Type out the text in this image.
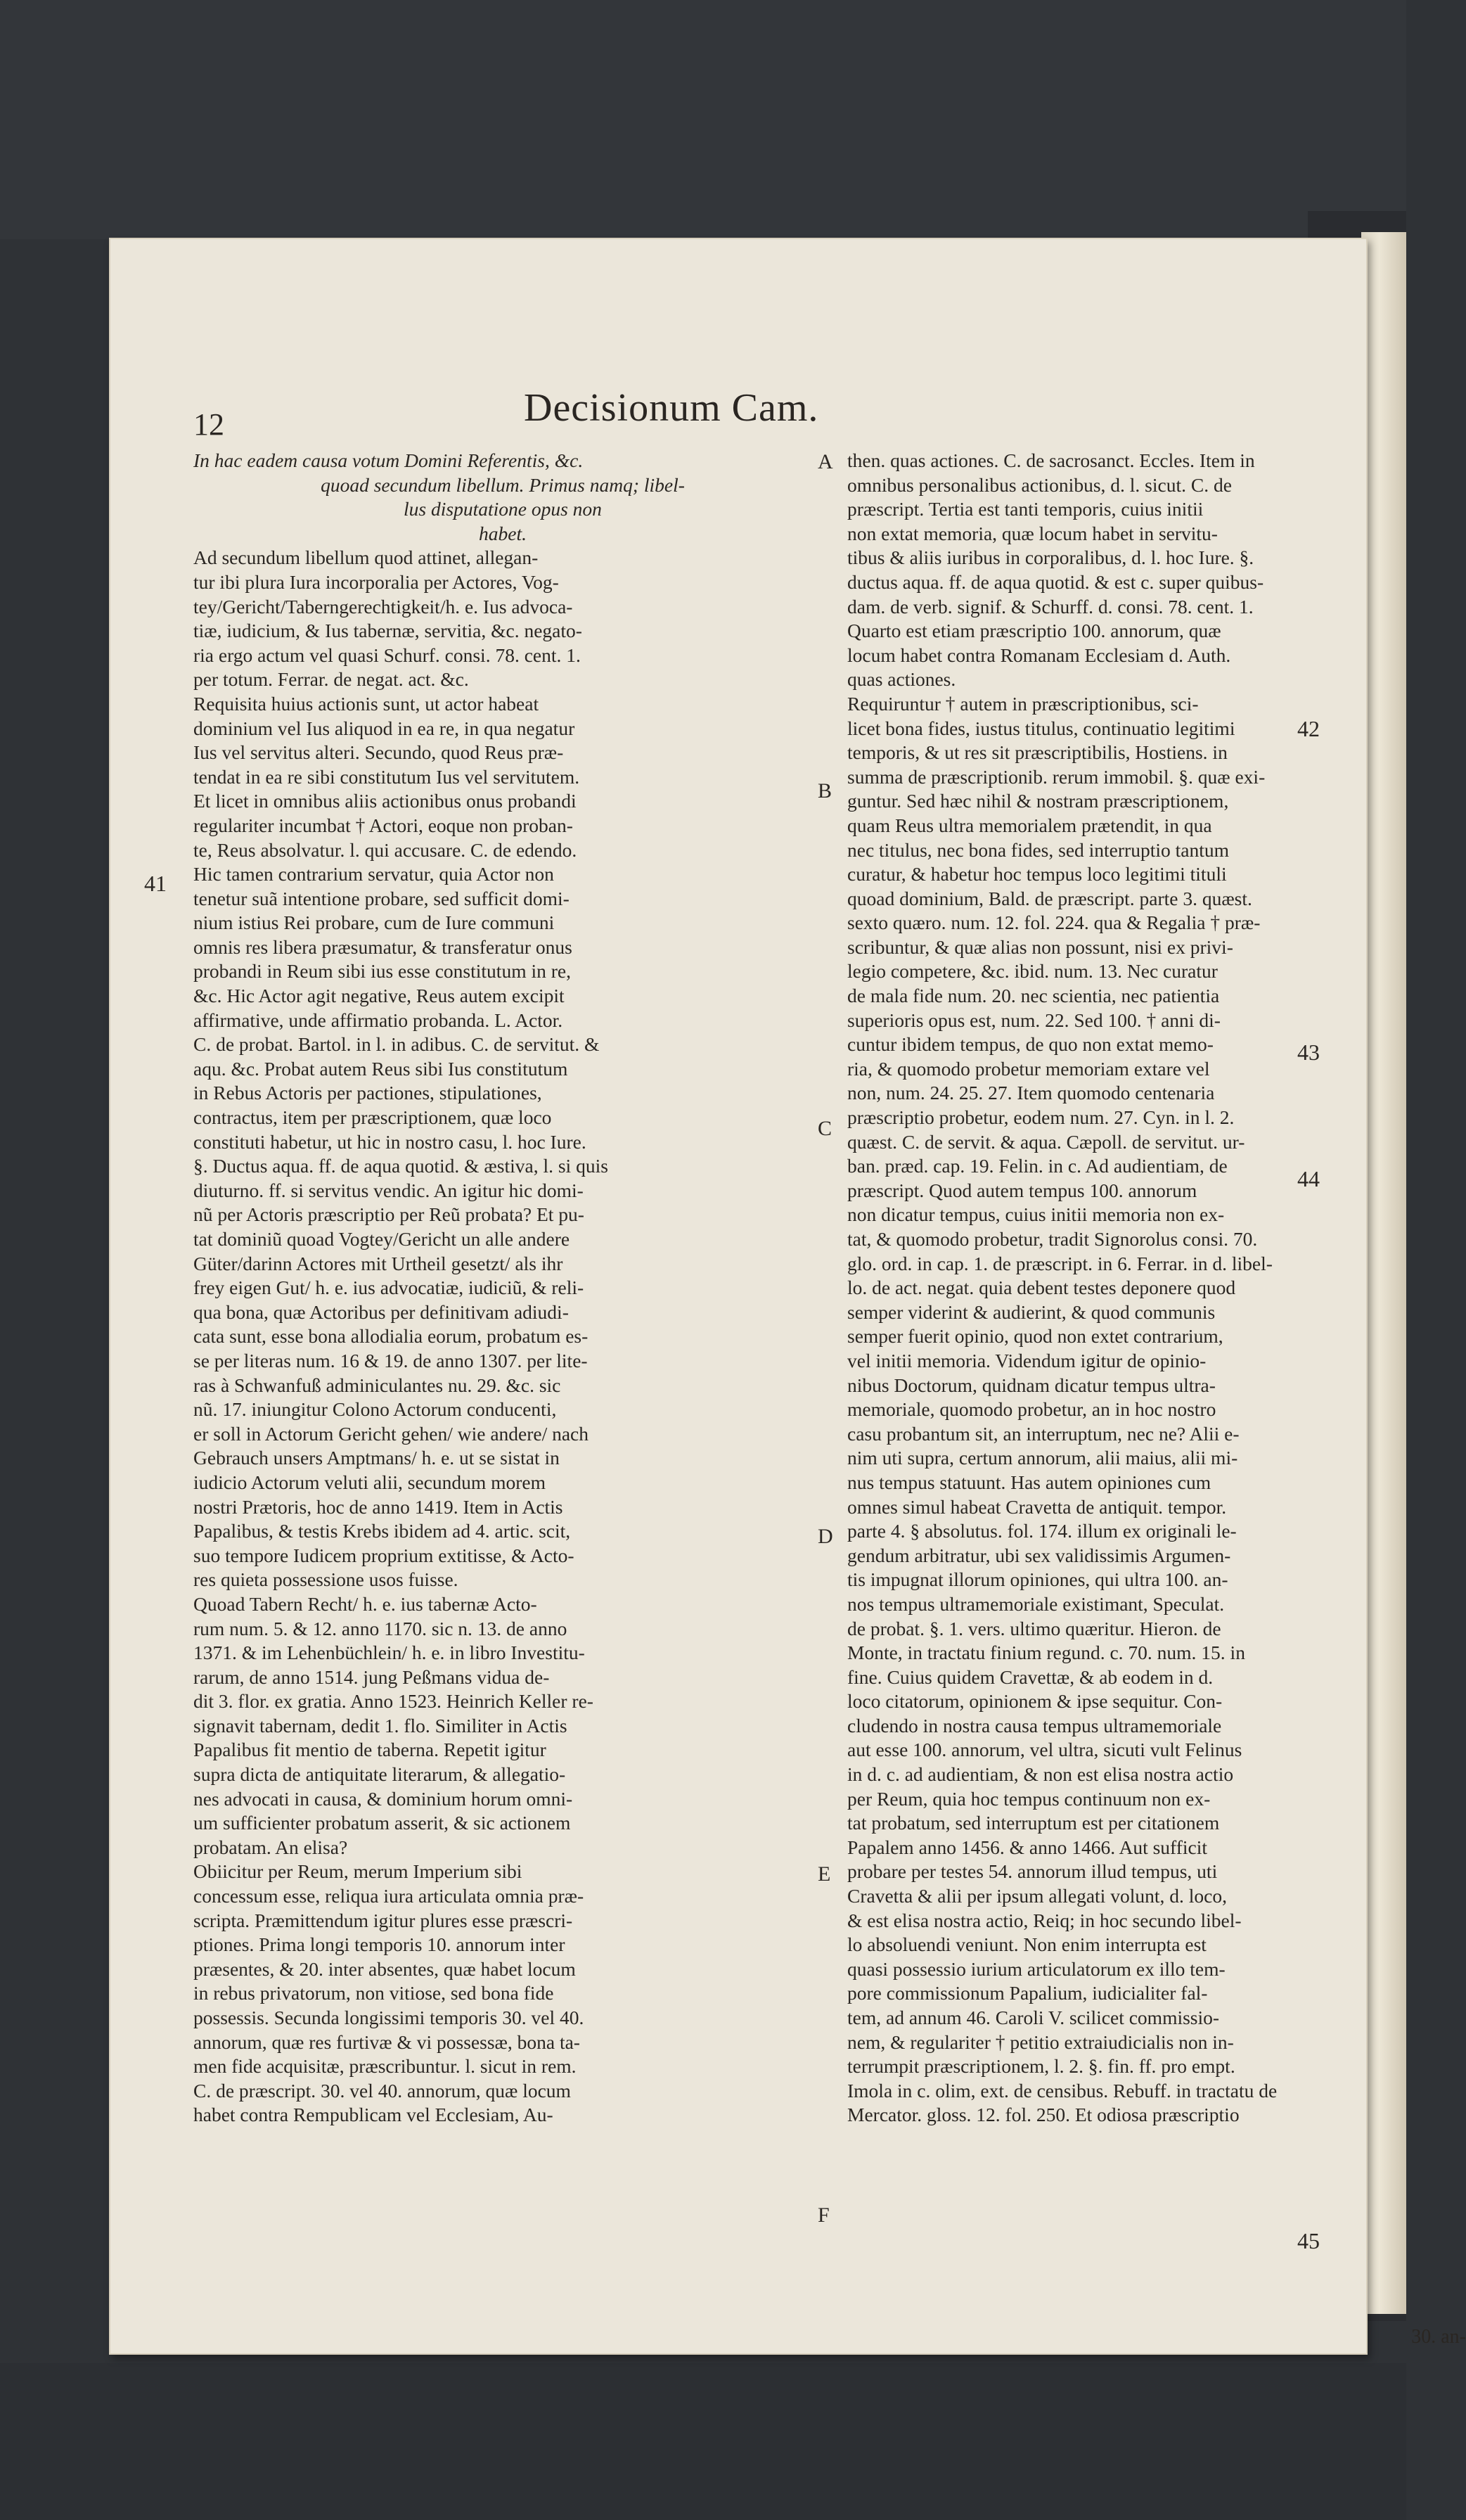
12	Decisionum Cam.
In hac eadem causa votum Domini Referentis, &c.
quoad secundum libellum. Primus namq; libel-
lus disputatione opus non
habet.
Ad secundum libellum quod attinet, allegan-
tur ibi plura Iura incorporalia per Actores, Vog-
tey/Gericht/Taberngerechtigkeit/h. e. Ius advoca-
tiæ, iudicium, & Ius tabernæ, servitia, &c. negato-
ria ergo actum vel quasi Schurf. consi. 78. cent. 1.
per totum. Ferrar. de negat. act. &c.
Requisita huius actionis sunt, ut actor habeat
dominium vel Ius aliquod in ea re, in qua negatur
Ius vel servitus alteri. Secundo, quod Reus præ-
tendat in ea re sibi constitutum Ius vel servitutem.
Et licet in omnibus aliis actionibus onus probandi
regulariter incumbat † Actori, eoque non proban-
te, Reus absolvatur. l. qui accusare. C. de edendo.
Hic tamen contrarium servatur, quia Actor non
tenetur suã intentione probare, sed sufficit domi-
nium istius Rei probare, cum de Iure communi
omnis res libera præsumatur, & transferatur onus
probandi in Reum sibi ius esse constitutum in re,
&c. Hic Actor agit negative, Reus autem excipit
affirmative, unde affirmatio probanda. L. Actor.
C. de probat. Bartol. in l. in adibus. C. de servitut. &
aqu. &c. Probat autem Reus sibi Ius constitutum
in Rebus Actoris per pactiones, stipulationes,
contractus, item per præscriptionem, quæ loco
constituti habetur, ut hic in nostro casu, l. hoc Iure.
§. Ductus aqua. ff. de aqua quotid. & æstiva, l. si quis
diuturno. ff. si servitus vendic. An igitur hic domi-
nũ per Actoris præscriptio per Reũ probata? Et pu-
tat dominiũ quoad Vogtey/Gericht un alle andere
Güter/darinn Actores mit Urtheil gesetzt/ als ihr
frey eigen Gut/ h. e. ius advocatiæ, iudiciũ, & reli-
qua bona, quæ Actoribus per definitivam adiudi-
cata sunt, esse bona allodialia eorum, probatum es-
se per literas num. 16 & 19. de anno 1307. per lite-
ras à Schwanfuß adminiculantes nu. 29. &c. sic
nũ. 17. iniungitur Colono Actorum conducenti,
er soll in Actorum Gericht gehen/ wie andere/ nach
Gebrauch unsers Amptmans/ h. e. ut se sistat in
iudicio Actorum veluti alii, secundum morem
nostri Prætoris, hoc de anno 1419. Item in Actis
Papalibus, & testis Krebs ibidem ad 4. artic. scit,
suo tempore Iudicem proprium extitisse, & Acto-
res quieta possessione usos fuisse.
Quoad Tabern Recht/ h. e. ius tabernæ Acto-
rum num. 5. & 12. anno 1170. sic n. 13. de anno
1371. & im Lehenbüchlein/ h. e. in libro Investitu-
rarum, de anno 1514. jung Peßmans vidua de-
dit 3. flor. ex gratia. Anno 1523. Heinrich Keller re-
signavit tabernam, dedit 1. flo. Similiter in Actis
Papalibus fit mentio de taberna. Repetit igitur
supra dicta de antiquitate literarum, & allegatio-
nes advocati in causa, & dominium horum omni-
um sufficienter probatum asserit, & sic actionem
probatam. An elisa?
Obiicitur per Reum, merum Imperium sibi
concessum esse, reliqua iura articulata omnia præ-
scripta. Præmittendum igitur plures esse præscri-
ptiones. Prima longi temporis 10. annorum inter
præsentes, & 20. inter absentes, quæ habet locum
in rebus privatorum, non vitiose, sed bona fide
possessis. Secunda longissimi temporis 30. vel 40.
annorum, quæ res furtivæ & vi possessæ, bona ta-
men fide acquisitæ, præscribuntur. l. sicut in rem.
C. de præscript. 30. vel 40. annorum, quæ locum
habet contra Rempublicam vel Ecclesiam, Au-
then. quas actiones. C. de sacrosanct. Eccles. Item in
omnibus personalibus actionibus, d. l. sicut. C. de
præscript. Tertia est tanti temporis, cuius initii
non extat memoria, quæ locum habet in servitu-
tibus & aliis iuribus in corporalibus, d. l. hoc Iure. §.
ductus aqua. ff. de aqua quotid. & est c. super quibus-
dam. de verb. signif. & Schurff. d. consi. 78. cent. 1.
Quarto est etiam præscriptio 100. annorum, quæ
locum habet contra Romanam Ecclesiam d. Auth.
quas actiones.
Requiruntur † autem in præscriptionibus, sci-
licet bona fides, iustus titulus, continuatio legitimi
temporis, & ut res sit præscriptibilis, Hostiens. in
summa de præscriptionib. rerum immobil. §. quæ exi-
guntur. Sed hæc nihil & nostram præscriptionem,
quam Reus ultra memorialem prætendit, in qua
nec titulus, nec bona fides, sed interruptio tantum
curatur, & habetur hoc tempus loco legitimi tituli
quoad dominium, Bald. de præscript. parte 3. quæst.
sexto quæro. num. 12. fol. 224. qua & Regalia † præ-
scribuntur, & quæ alias non possunt, nisi ex privi-
legio competere, &c. ibid. num. 13. Nec curatur
de mala fide num. 20. nec scientia, nec patientia
superioris opus est, num. 22. Sed 100. † anni di-
cuntur ibidem tempus, de quo non extat memo-
ria, & quomodo probetur memoriam extare vel
non, num. 24. 25. 27. Item quomodo centenaria
præscriptio probetur, eodem num. 27. Cyn. in l. 2.
quæst. C. de servit. & aqua. Cæpoll. de servitut. ur-
ban. præd. cap. 19. Felin. in c. Ad audientiam, de
præscript. Quod autem tempus 100. annorum
non dicatur tempus, cuius initii memoria non ex-
tat, & quomodo probetur, tradit Signorolus consi. 70.
glo. ord. in cap. 1. de præscript. in 6. Ferrar. in d. libel-
lo. de act. negat. quia debent testes deponere quod
semper viderint & audierint, & quod communis
semper fuerit opinio, quod non extet contrarium,
vel initii memoria. Videndum igitur de opinio-
nibus Doctorum, quidnam dicatur tempus ultra-
memoriale, quomodo probetur, an in hoc nostro
casu probantum sit, an interruptum, nec ne? Alii e-
nim uti supra, certum annorum, alii maius, alii mi-
nus tempus statuunt. Has autem opiniones cum
omnes simul habeat Cravetta de antiquit. tempor.
parte 4. § absolutus. fol. 174. illum ex originali le-
gendum arbitratur, ubi sex validissimis Argumen-
tis impugnat illorum opiniones, qui ultra 100. an-
nos tempus ultramemoriale existimant, Speculat.
de probat. §. 1. vers. ultimo quæritur. Hieron. de
Monte, in tractatu finium regund. c. 70. num. 15. in
fine. Cuius quidem Cravettæ, & ab eodem in d.
loco citatorum, opinionem & ipse sequitur. Con-
cludendo in nostra causa tempus ultramemoriale
aut esse 100. annorum, vel ultra, sicuti vult Felinus
in d. c. ad audientiam, & non est elisa nostra actio
per Reum, quia hoc tempus continuum non ex-
tat probatum, sed interruptum est per citationem
Papalem anno 1456. & anno 1466. Aut sufficit
probare per testes 54. annorum illud tempus, uti
Cravetta & alii per ipsum allegati volunt, d. loco,
& est elisa nostra actio, Reiq; in hoc secundo libel-
lo absoluendi veniunt. Non enim interrupta est
quasi possessio iurium articulatorum ex illo tem-
pore commissionum Papalium, iudicialiter fal-
tem, ad annum 46. Caroli V. scilicet commissio-
nem, & regulariter † petitio extraiudicialis non in-
terrumpit præscriptionem, l. 2. §. fin. ff. pro empt.
Imola in c. olim, ext. de censibus. Rebuff. in tractatu de
Mercator. gloss. 12. fol. 250. Et odiosa præscriptio
30. an-
A
B
C
D
E
F
41
42
43
44
45
